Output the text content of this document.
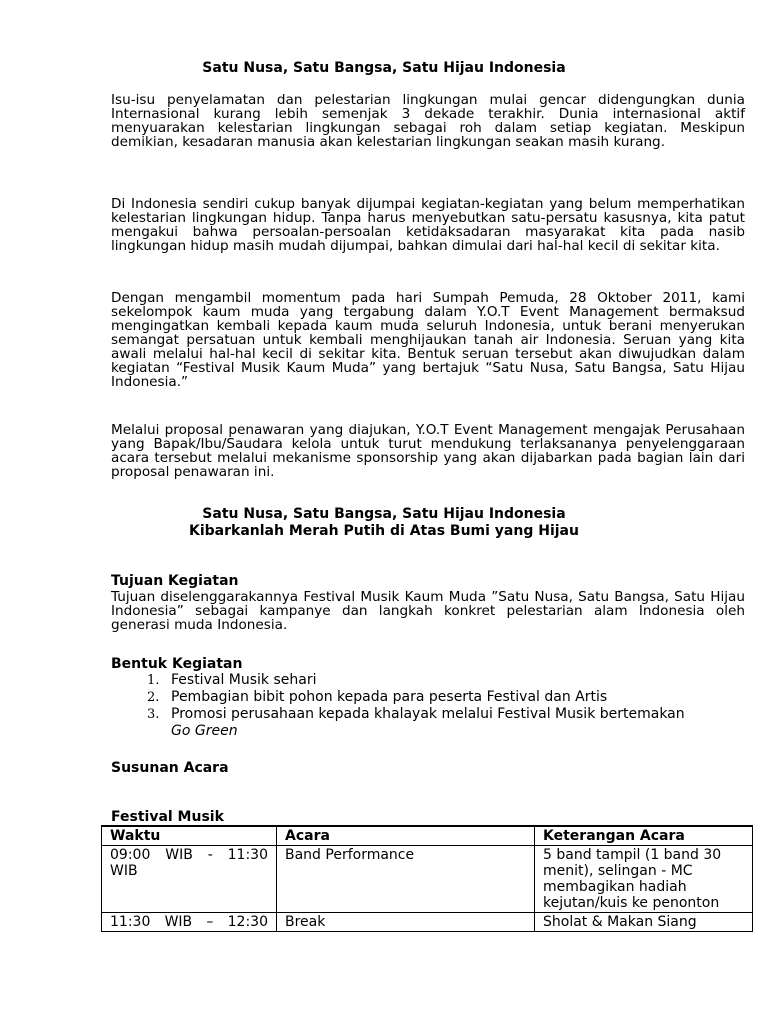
Satu Nusa, Satu Bangsa, Satu Hijau Indonesia

Isu-isu penyelamatan dan pelestarian lingkungan mulai gencar didengungkan dunia Internasional kurang lebih semenjak 3 dekade terakhir. Dunia internasional aktif menyuarakan kelestarian lingkungan sebagai roh dalam setiap kegiatan. Meskipun demikian, kesadaran manusia akan kelestarian lingkungan seakan masih kurang.

Di Indonesia sendiri cukup banyak dijumpai kegiatan-kegiatan yang belum memperhatikan kelestarian lingkungan hidup. Tanpa harus menyebutkan satu-persatu kasusnya, kita patut mengakui bahwa persoalan-persoalan ketidaksadaran masyarakat kita pada nasib lingkungan hidup masih mudah dijumpai, bahkan dimulai dari hal-hal kecil di sekitar kita.

Dengan mengambil momentum pada hari Sumpah Pemuda, 28 Oktober 2011, kami sekelompok kaum muda yang tergabung dalam Y.O.T Event Management bermaksud mengingatkan kembali kepada kaum muda seluruh Indonesia, untuk berani menyerukan semangat persatuan untuk kembali menghijaukan tanah air Indonesia. Seruan yang kita awali melalui hal-hal kecil di sekitar kita. Bentuk seruan tersebut akan diwujudkan dalam kegiatan “Festival Musik Kaum Muda” yang bertajuk “Satu Nusa, Satu Bangsa, Satu Hijau Indonesia.”

Melalui proposal penawaran yang diajukan, Y.O.T Event Management mengajak Perusahaan yang Bapak/Ibu/Saudara kelola untuk turut mendukung terlaksananya penyelenggaraan acara tersebut melalui mekanisme sponsorship yang akan dijabarkan pada bagian lain dari proposal penawaran ini.

Satu Nusa, Satu Bangsa, Satu Hijau Indonesia
Kibarkanlah Merah Putih di Atas Bumi yang Hijau
Tujuan Kegiatan

Tujuan diselenggarakannya Festival Musik Kaum Muda ”Satu Nusa, Satu Bangsa, Satu Hijau Indonesia” sebagai kampanye dan langkah konkret pelestarian alam Indonesia oleh generasi muda Indonesia.

Bentuk Kegiatan
1. Festival Musik sehari
2. Pembagian bibit pohon kepada para peserta Festival dan Artis
3. Promosi perusahaan kepada khalayak melalui Festival Musik bertemakan
Go Green
Susunan Acara
Festival Musik
Waktu	Acara	Keterangan Acara
09:00 WIB - 11:30
WIB	Band Performance	5 band tampil (1 band 30 menit), selingan - MC membagikan hadiah kejutan/kuis ke penonton
11:30 WIB – 12:30	Break	Sholat & Makan Siang
